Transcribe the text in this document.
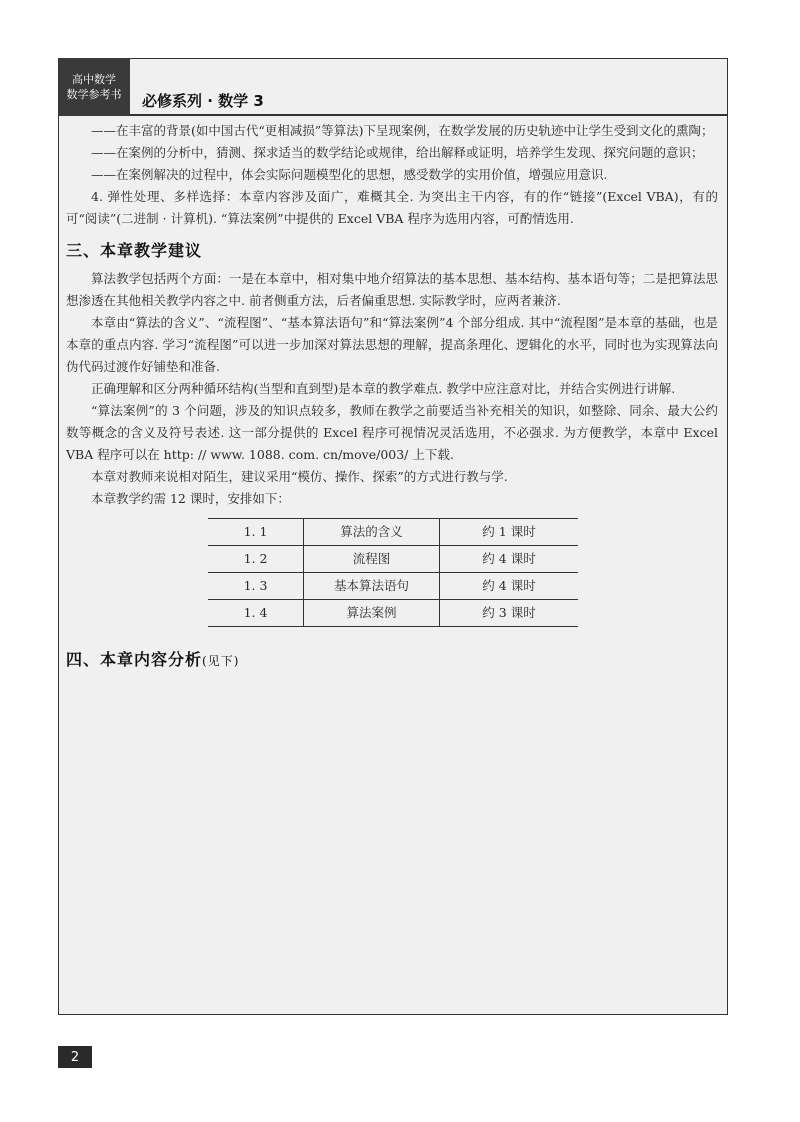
高中数学
数学参考书 必修系列 · 数学 3

——在丰富的背景(如中国古代“更相减损”等算法)下呈现案例，在数学发展的历史轨迹中让学生受到文化的熏陶；

——在案例的分析中，猜测、探求适当的数学结论或规律，给出解释或证明，培养学生发现、探究问题的意识；

——在案例解决的过程中，体会实际问题模型化的思想，感受数学的实用价值，增强应用意识.

4. 弹性处理、多样选择：本章内容涉及面广，难概其全. 为突出主干内容，有的作“链接”(Excel VBA)，有的可“阅读”(二进制 · 计算机). “算法案例”中提供的 Excel VBA 程序为选用内容，可酌情选用.

三、本章教学建议

算法教学包括两个方面：一是在本章中，相对集中地介绍算法的基本思想、基本结构、基本语句等；二是把算法思想渗透在其他相关教学内容之中. 前者侧重方法，后者偏重思想. 实际教学时，应两者兼济.

本章由“算法的含义”、“流程图”、“基本算法语句”和“算法案例”4 个部分组成. 其中“流程图”是本章的基础，也是本章的重点内容. 学习“流程图”可以进一步加深对算法思想的理解，提高条理化、逻辑化的水平，同时也为实现算法向伪代码过渡作好铺垫和准备.

正确理解和区分两种循环结构(当型和直到型)是本章的教学难点. 教学中应注意对比，并结合实例进行讲解.

“算法案例”的 3 个问题，涉及的知识点较多，教师在教学之前要适当补充相关的知识，如整除、同余、最大公约数等概念的含义及符号表述. 这一部分提供的 Excel 程序可视情况灵活选用，不必强求. 为方便教学，本章中 Excel VBA 程序可以在 http: // www. 1088. com. cn/move/003/ 上下载.

本章对教师来说相对陌生，建议采用“模仿、操作、探索”的方式进行教与学.

本章教学约需 12 课时，安排如下：

1. 1	算法的含义	约 1 课时
1. 2	流程图	约 4 课时
1. 3	基本算法语句	约 4 课时
1. 4	算法案例	约 3 课时
四、本章内容分析(见下)
2
